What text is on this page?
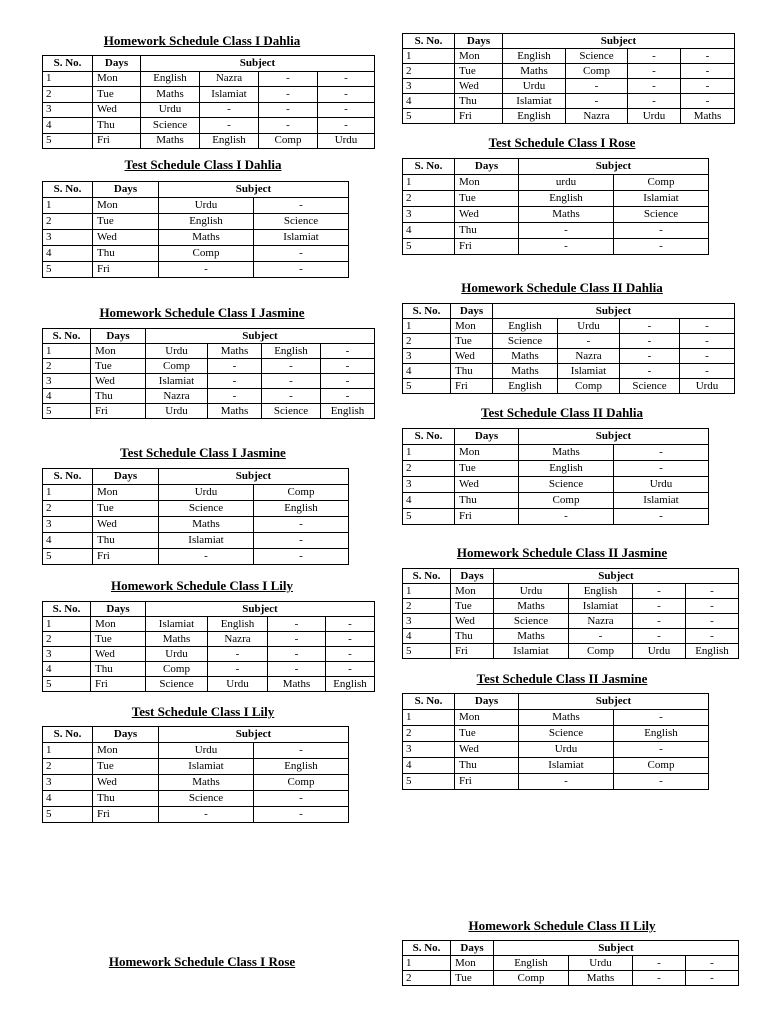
Homework Schedule Class I Dahlia
S. No.	Days	Subject			
1	Mon	English	Nazra	-	-
2	Tue	Maths	Islamiat	-	-
3	Wed	Urdu	-	-	-
4	Thu	Science	-	-	-
5	Fri	Maths	English	Comp	Urdu
Test Schedule Class I Dahlia
S. No.	Days	Subject	
1	Mon	Urdu	-
2	Tue	English	Science
3	Wed	Maths	Islamiat
4	Thu	Comp	-
5	Fri	-	-
Homework Schedule Class I Jasmine
S. No.	Days	Subject			
1	Mon	Urdu	Maths	English	-
2	Tue	Comp	-	-	-
3	Wed	Islamiat	-	-	-
4	Thu	Nazra	-	-	-
5	Fri	Urdu	Maths	Science	English
Test Schedule Class I Jasmine
S. No.	Days	Subject	
1	Mon	Urdu	Comp
2	Tue	Science	English
3	Wed	Maths	-
4	Thu	Islamiat	-
5	Fri	-	-
Homework Schedule Class I Lily
S. No.	Days	Subject			
1	Mon	Islamiat	English	-	-
2	Tue	Maths	Nazra	-	-
3	Wed	Urdu	-	-	-
4	Thu	Comp	-	-	-
5	Fri	Science	Urdu	Maths	English
Test Schedule Class I Lily
S. No.	Days	Subject	
1	Mon	Urdu	-
2	Tue	Islamiat	English
3	Wed	Maths	Comp
4	Thu	Science	-
5	Fri	-	-
Homework Schedule Class I Rose
S. No.	Days	Subject			
1	Mon	English	Science	-	-
2	Tue	Maths	Comp	-	-
3	Wed	Urdu	-	-	-
4	Thu	Islamiat	-	-	-
5	Fri	English	Nazra	Urdu	Maths
Test Schedule Class I Rose
S. No.	Days	Subject	
1	Mon	urdu	Comp
2	Tue	English	Islamiat
3	Wed	Maths	Science
4	Thu	-	-
5	Fri	-	-
Homework Schedule Class II Dahlia
S. No.	Days	Subject			
1	Mon	English	Urdu	-	-
2	Tue	Science	-	-	-
3	Wed	Maths	Nazra	-	-
4	Thu	Maths	Islamiat	-	-
5	Fri	English	Comp	Science	Urdu
Test Schedule Class II Dahlia
S. No.	Days	Subject	
1	Mon	Maths	-
2	Tue	English	-
3	Wed	Science	Urdu
4	Thu	Comp	Islamiat
5	Fri	-	-
Homework Schedule Class II Jasmine
S. No.	Days	Subject			
1	Mon	Urdu	English	-	-
2	Tue	Maths	Islamiat	-	-
3	Wed	Science	Nazra	-	-
4	Thu	Maths	-	-	-
5	Fri	Islamiat	Comp	Urdu	English
Test Schedule Class II Jasmine
S. No.	Days	Subject	
1	Mon	Maths	-
2	Tue	Science	English
3	Wed	Urdu	-
4	Thu	Islamiat	Comp
5	Fri	-	-
Homework Schedule Class II Lily
S. No.	Days	Subject			
1	Mon	English	Urdu	-	-
2	Tue	Comp	Maths	-	-
